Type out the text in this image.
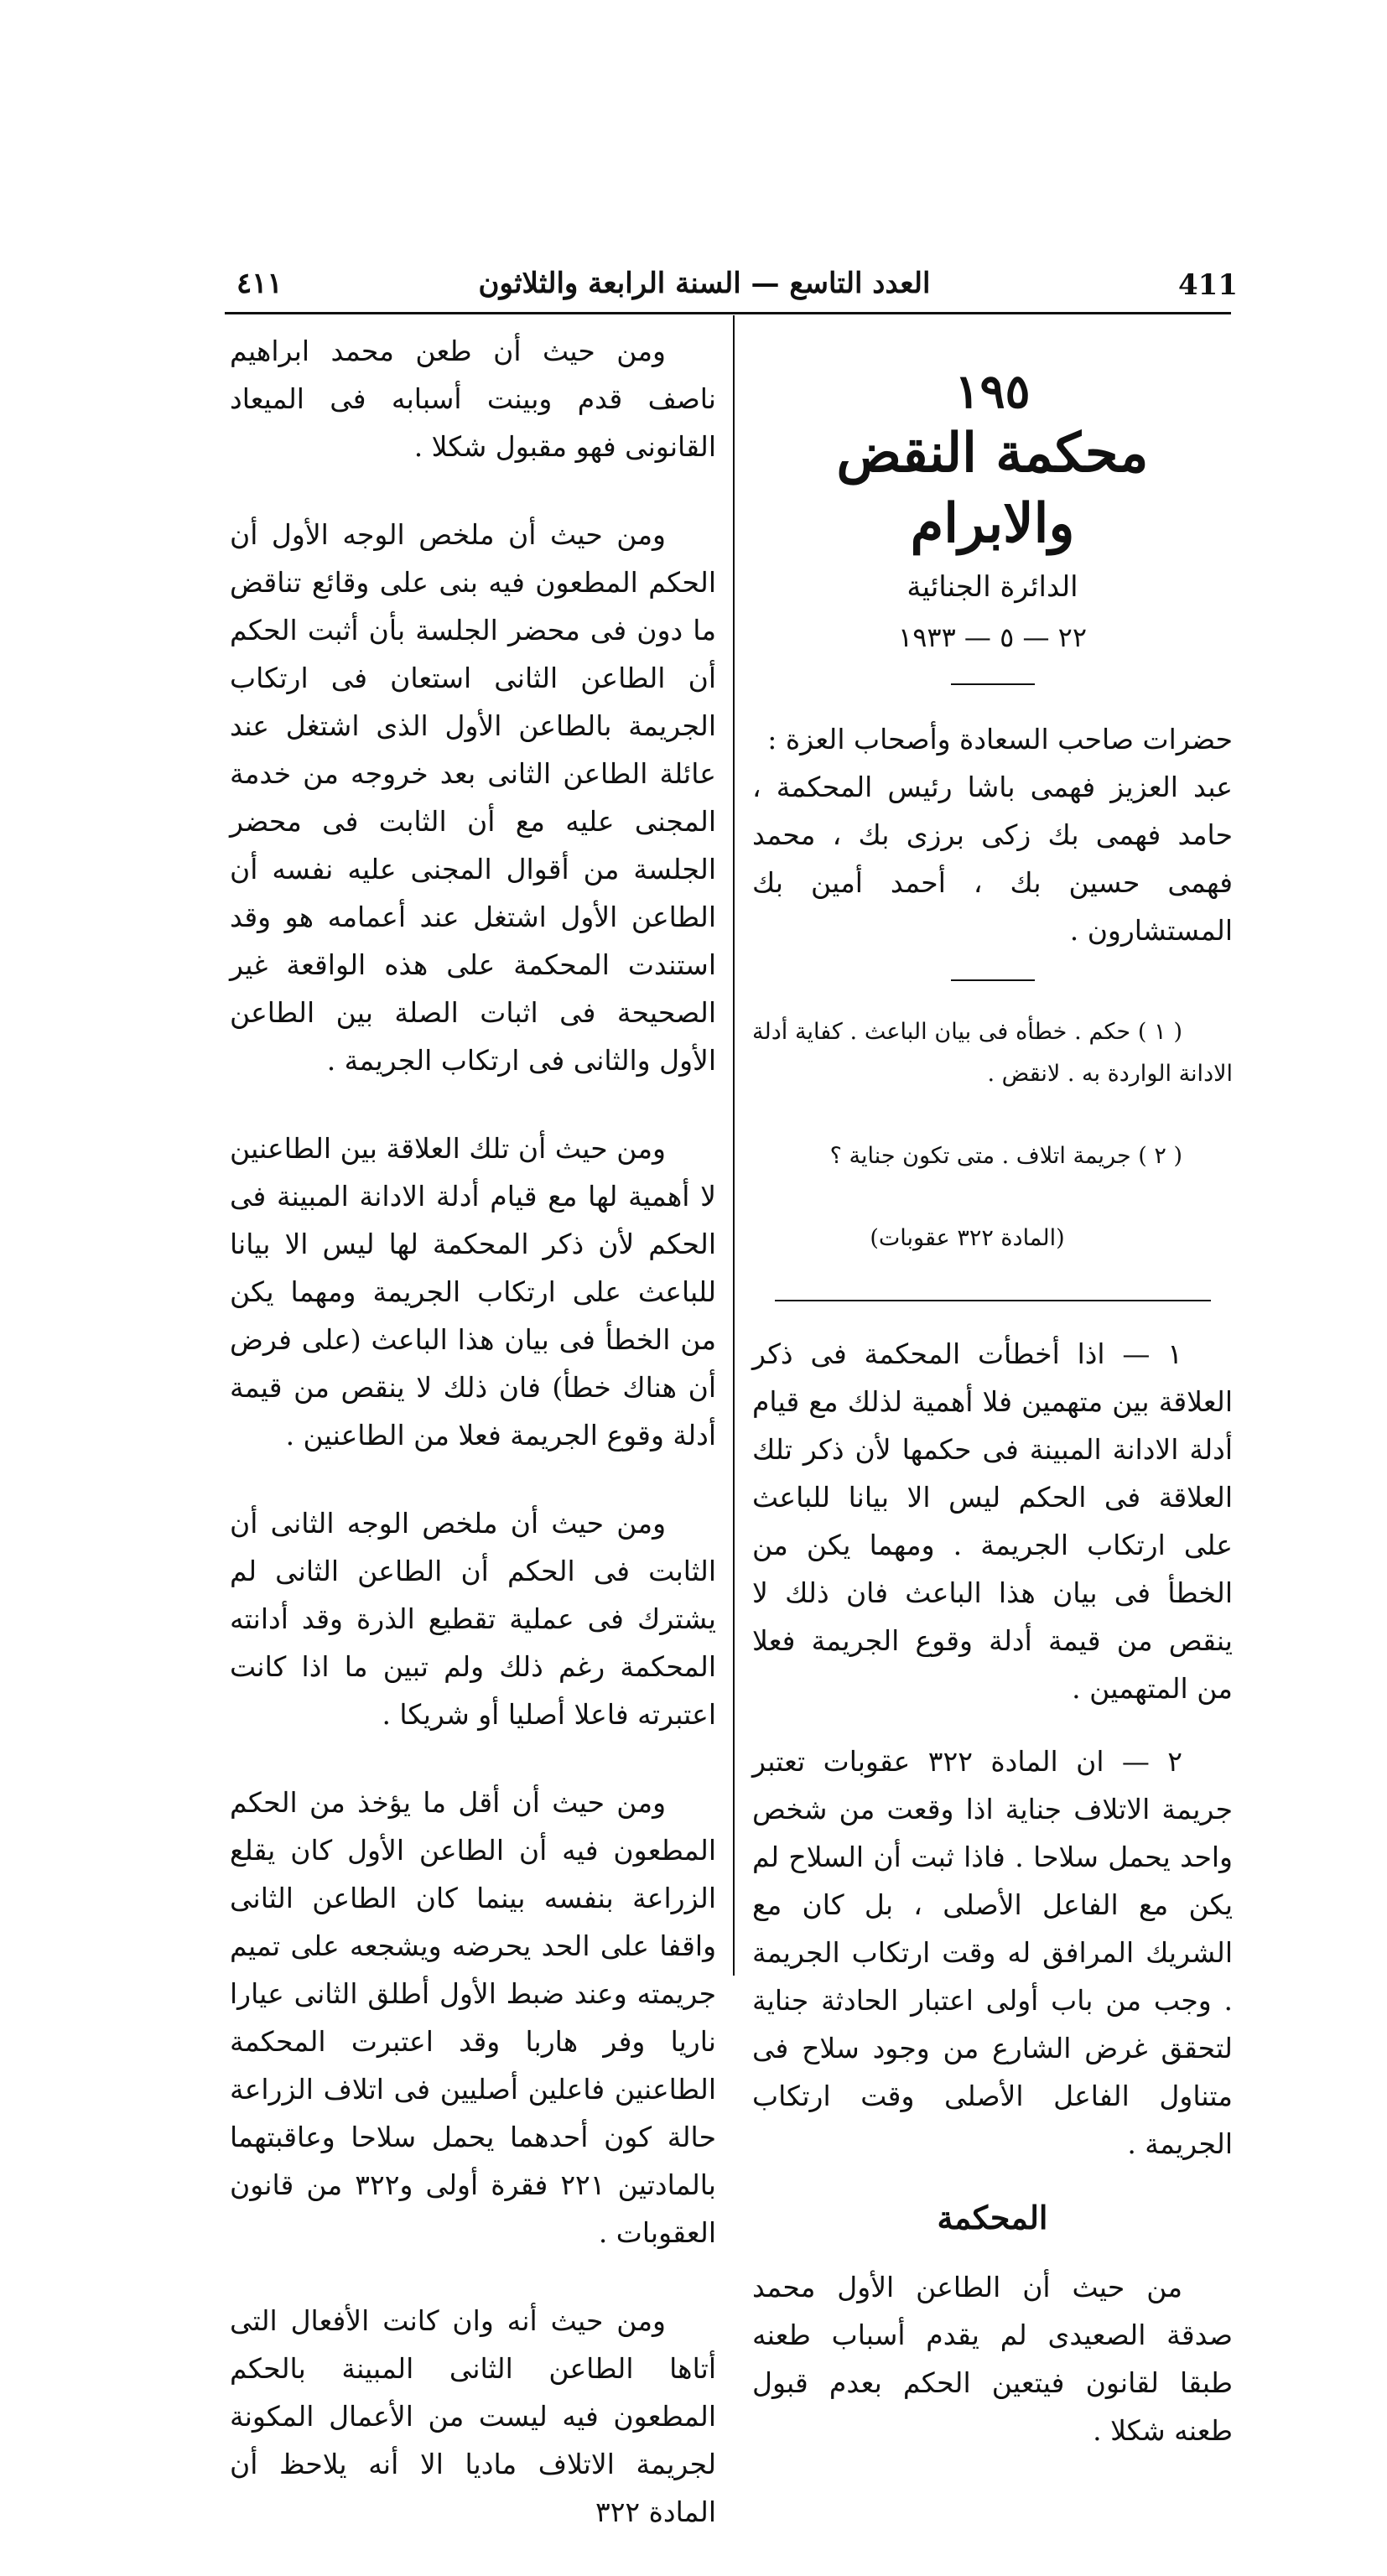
411
العدد التاسع — السنة الرابعة والثلاثون
٤١١
١٩٥
محكمة النقض والابرام
الدائرة الجنائية
٢٢ — ٥ — ١٩٣٣

حضرات صاحب السعادة وأصحاب العزة :

عبد العزيز فهمى باشا رئيس المحكمة ، حامد فهمى بك زكى برزى بك ، محمد فهمى حسين بك ، أحمد أمين بك المستشارون .

( ١ ) حكم . خطأه فى بيان الباعث . كفاية أدلة الادانة الواردة به . لانقض .

( ٢ ) جريمة اتلاف . متى تكون جناية ؟

(المادة ٣٢٢ عقوبات)

١ — اذا أخطأت المحكمة فى ذكر العلاقة بين متهمين فلا أهمية لذلك مع قيام أدلة الادانة المبينة فى حكمها لأن ذكر تلك العلاقة فى الحكم ليس الا بيانا للباعث على ارتكاب الجريمة . ومهما يكن من الخطأ فى بيان هذا الباعث فان ذلك لا ينقص من قيمة أدلة وقوع الجريمة فعلا من المتهمين .

٢ — ان المادة ٣٢٢ عقوبات تعتبر جريمة الاتلاف جناية اذا وقعت من شخص واحد يحمل سلاحا . فاذا ثبت أن السلاح لم يكن مع الفاعل الأصلى ، بل كان مع الشريك المرافق له وقت ارتكاب الجريمة . وجب من باب أولى اعتبار الحادثة جناية لتحقق غرض الشارع من وجود سلاح فى متناول الفاعل الأصلى وقت ارتكاب الجريمة .

المحكمة

من حيث أن الطاعن الأول محمد صدقة الصعيدى لم يقدم أسباب طعنه طبقا لقانون فيتعين الحكم بعدم قبول طعنه شكلا .

ومن حيث أن طعن محمد ابراهيم ناصف قدم وبينت أسبابه فى الميعاد القانونى فهو مقبول شكلا .

ومن حيث أن ملخص الوجه الأول أن الحكم المطعون فيه بنى على وقائع تناقض ما دون فى محضر الجلسة بأن أثبت الحكم أن الطاعن الثانى استعان فى ارتكاب الجريمة بالطاعن الأول الذى اشتغل عند عائلة الطاعن الثانى بعد خروجه من خدمة المجنى عليه مع أن الثابت فى محضر الجلسة من أقوال المجنى عليه نفسه أن الطاعن الأول اشتغل عند أعمامه هو وقد استندت المحكمة على هذه الواقعة غير الصحيحة فى اثبات الصلة بين الطاعن الأول والثانى فى ارتكاب الجريمة .

ومن حيث أن تلك العلاقة بين الطاعنين لا أهمية لها مع قيام أدلة الادانة المبينة فى الحكم لأن ذكر المحكمة لها ليس الا بيانا للباعث على ارتكاب الجريمة ومهما يكن من الخطأ فى بيان هذا الباعث (على فرض أن هناك خطأ) فان ذلك لا ينقص من قيمة أدلة وقوع الجريمة فعلا من الطاعنين .

ومن حيث أن ملخص الوجه الثانى أن الثابت فى الحكم أن الطاعن الثانى لم يشترك فى عملية تقطيع الذرة وقد أدانته المحكمة رغم ذلك ولم تبين ما اذا كانت اعتبرته فاعلا أصليا أو شريكا .

ومن حيث أن أقل ما يؤخذ من الحكم المطعون فيه أن الطاعن الأول كان يقلع الزراعة بنفسه بينما كان الطاعن الثانى واقفا على الحد يحرضه ويشجعه على تميم جريمته وعند ضبط الأول أطلق الثانى عيارا ناريا وفر هاربا وقد اعتبرت المحكمة الطاعنين فاعلين أصليين فى اتلاف الزراعة حالة كون أحدهما يحمل سلاحا وعاقبتهما بالمادتين ٢٢١ فقرة أولى و٣٢٢ من قانون العقوبات .

ومن حيث أنه وان كانت الأفعال التى أتاها الطاعن الثانى المبينة بالحكم المطعون فيه ليست من الأعمال المكونة لجريمة الاتلاف ماديا الا أنه يلاحظ أن المادة ٣٢٢
